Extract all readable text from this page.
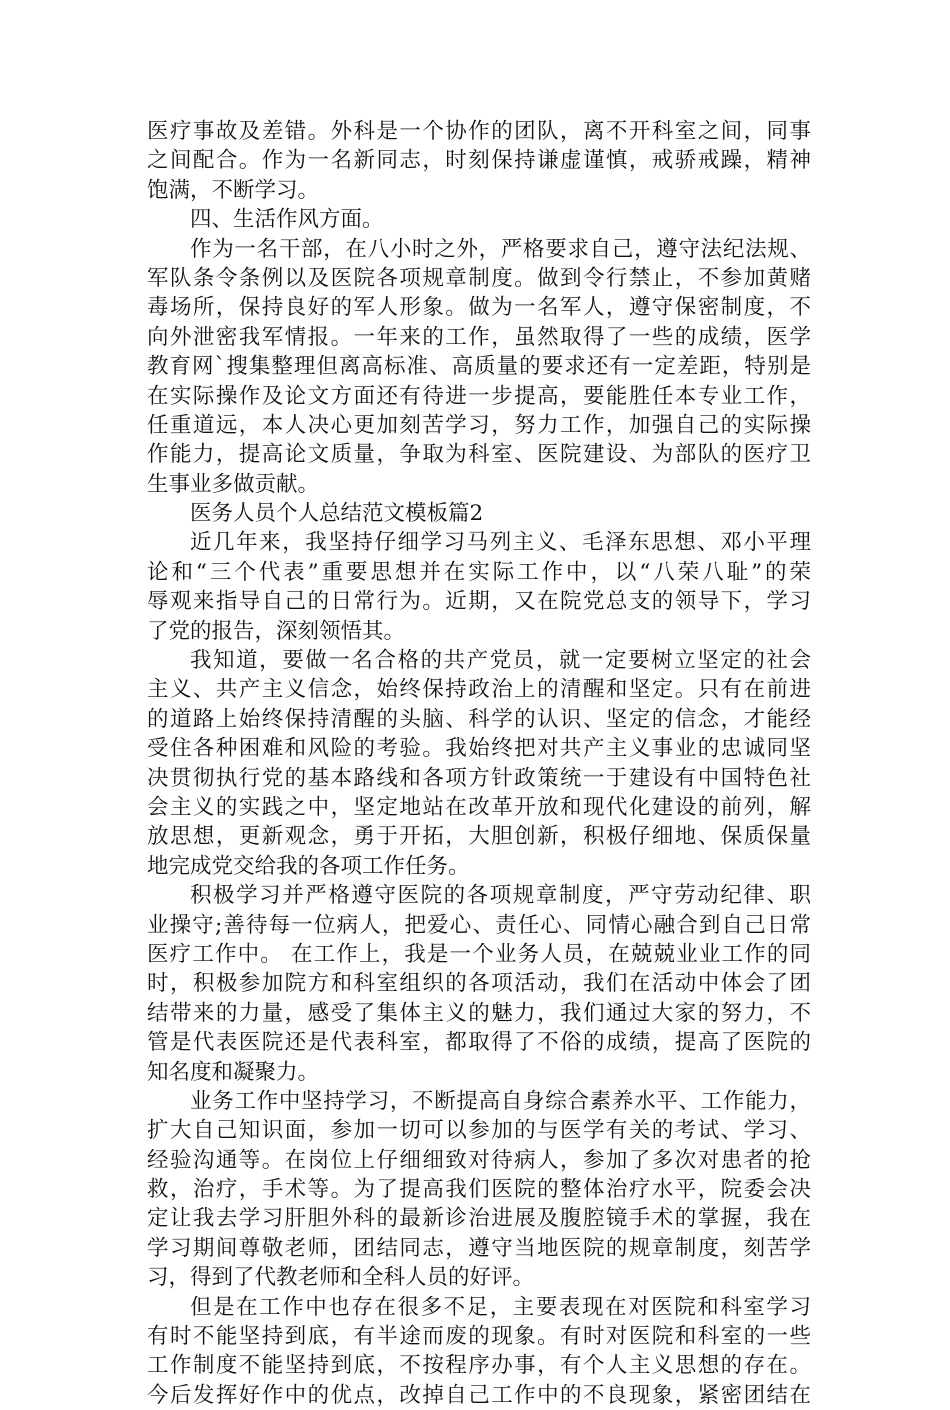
医疗事故及差错。外科是一个协作的团队，离不开科室之间，同事
之间配合。作为一名新同志，时刻保持谦虚谨慎，戒骄戒躁，精神
饱满，不断学习。
四、生活作风方面。
作为一名干部，在八小时之外，严格要求自己，遵守法纪法规、
军队条令条例以及医院各项规章制度。做到令行禁止，不参加黄赌
毒场所，保持良好的军人形象。做为一名军人，遵守保密制度，不
向外泄密我军情报。一年来的工作，虽然取得了一些的成绩，医学
教育网`搜集整理但离高标准、高质量的要求还有一定差距，特别是
在实际操作及论文方面还有待进一步提高，要能胜任本专业工作，
任重道远，本人决心更加刻苦学习，努力工作，加强自己的实际操
作能力，提高论文质量，争取为科室、医院建设、为部队的医疗卫
生事业多做贡献。
医务人员个人总结范文模板篇2
近几年来，我坚持仔细学习马列主义、毛泽东思想、邓小平理
论和“三个代表”重要思想并在实际工作中，以“八荣八耻”的荣
辱观来指导自己的日常行为。近期，又在院党总支的领导下，学习
了党的报告，深刻领悟其。
我知道，要做一名合格的共产党员，就一定要树立坚定的社会
主义、共产主义信念，始终保持政治上的清醒和坚定。只有在前进
的道路上始终保持清醒的头脑、科学的认识、坚定的信念，才能经
受住各种困难和风险的考验。我始终把对共产主义事业的忠诚同坚
决贯彻执行党的基本路线和各项方针政策统一于建设有中国特色社
会主义的实践之中，坚定地站在改革开放和现代化建设的前列，解
放思想，更新观念，勇于开拓，大胆创新，积极仔细地、保质保量
地完成党交给我的各项工作任务。
积极学习并严格遵守医院的各项规章制度，严守劳动纪律、职
业操守;善待每一位病人，把爱心、责任心、同情心融合到自己日常
医疗工作中。 在工作上，我是一个业务人员，在兢兢业业工作的同
时，积极参加院方和科室组织的各项活动，我们在活动中体会了团
结带来的力量，感受了集体主义的魅力，我们通过大家的努力，不
管是代表医院还是代表科室，都取得了不俗的成绩，提高了医院的
知名度和凝聚力。
业务工作中坚持学习，不断提高自身综合素养水平、工作能力，
扩大自己知识面，参加一切可以参加的与医学有关的考试、学习、
经验沟通等。在岗位上仔细细致对待病人，参加了多次对患者的抢
救，治疗，手术等。为了提高我们医院的整体治疗水平，院委会决
定让我去学习肝胆外科的最新诊治进展及腹腔镜手术的掌握，我在
学习期间尊敬老师，团结同志，遵守当地医院的规章制度，刻苦学
习，得到了代教老师和全科人员的好评。
但是在工作中也存在很多不足，主要表现在对医院和科室学习
有时不能坚持到底，有半途而废的现象。有时对医院和科室的一些
工作制度不能坚持到底，不按程序办事，有个人主义思想的存在。
今后发挥好作中的优点，改掉自己工作中的不良现象，紧密团结在
